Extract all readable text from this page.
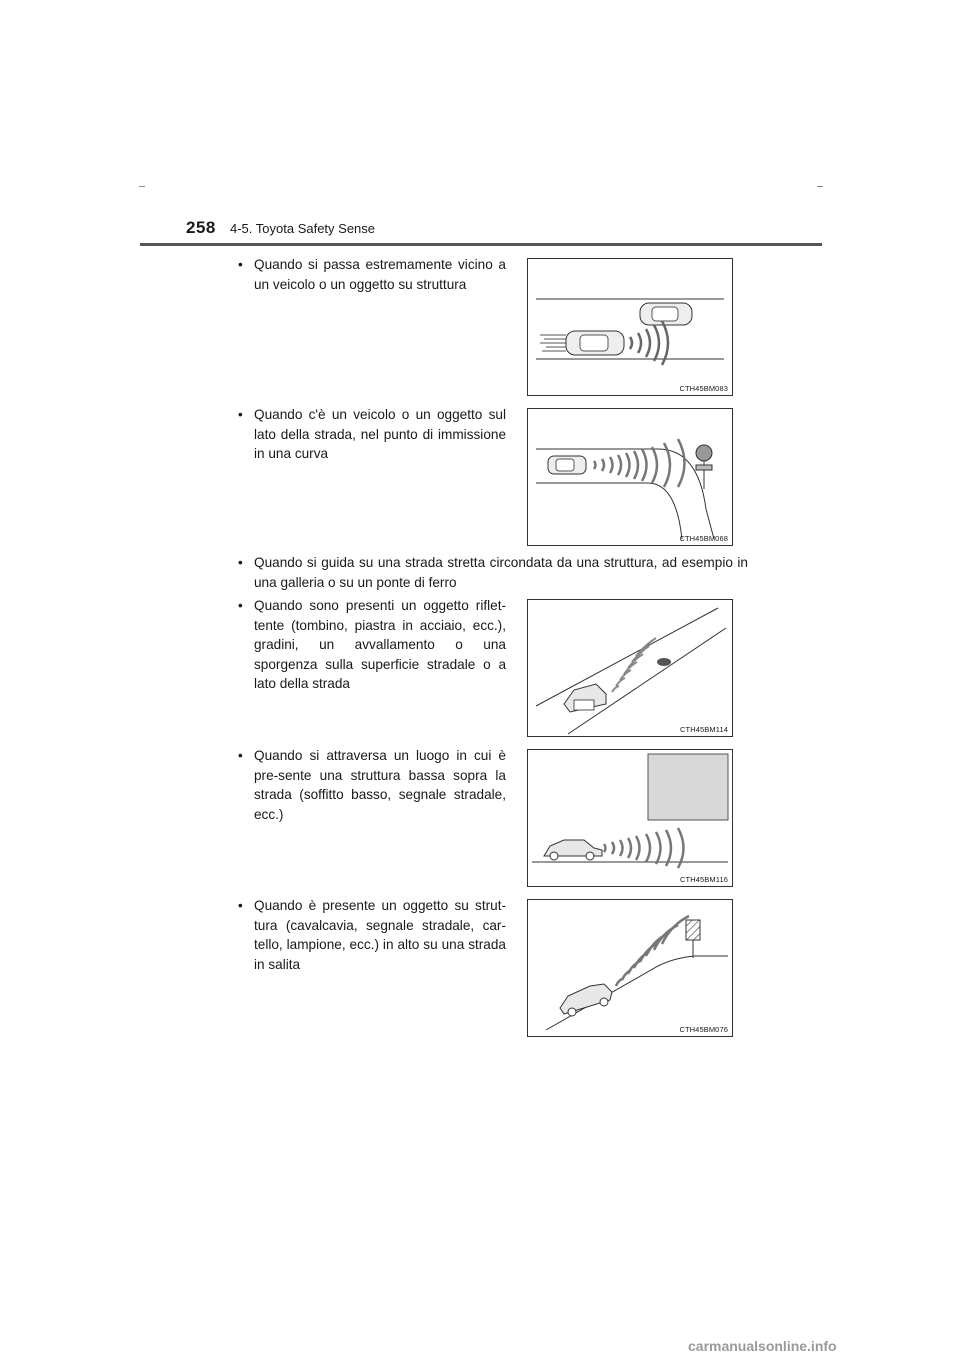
258 4-5. Toyota Safety Sense
• Quando si passa estremamente vicino a un veicolo o un oggetto su struttura
CTH45BM083
• Quando c'è un veicolo o un oggetto sul lato della strada, nel punto di immissione in una curva
CTH45BM068
• Quando si guida su una strada stretta circondata da una struttura, ad esempio in una galleria o su un ponte di ferro
• Quando sono presenti un oggetto riflet-tente (tombino, piastra in acciaio, ecc.), gradini, un avvallamento o una sporgenza sulla superficie stradale o a lato della strada
CTH45BM114
• Quando si attraversa un luogo in cui è pre-sente una struttura bassa sopra la strada (soffitto basso, segnale stradale, ecc.)
CTH45BM116
• Quando è presente un oggetto su strut-tura (cavalcavia, segnale stradale, car-tello, lampione, ecc.) in alto su una strada in salita
CTH45BM076
carmanualsonline.info
